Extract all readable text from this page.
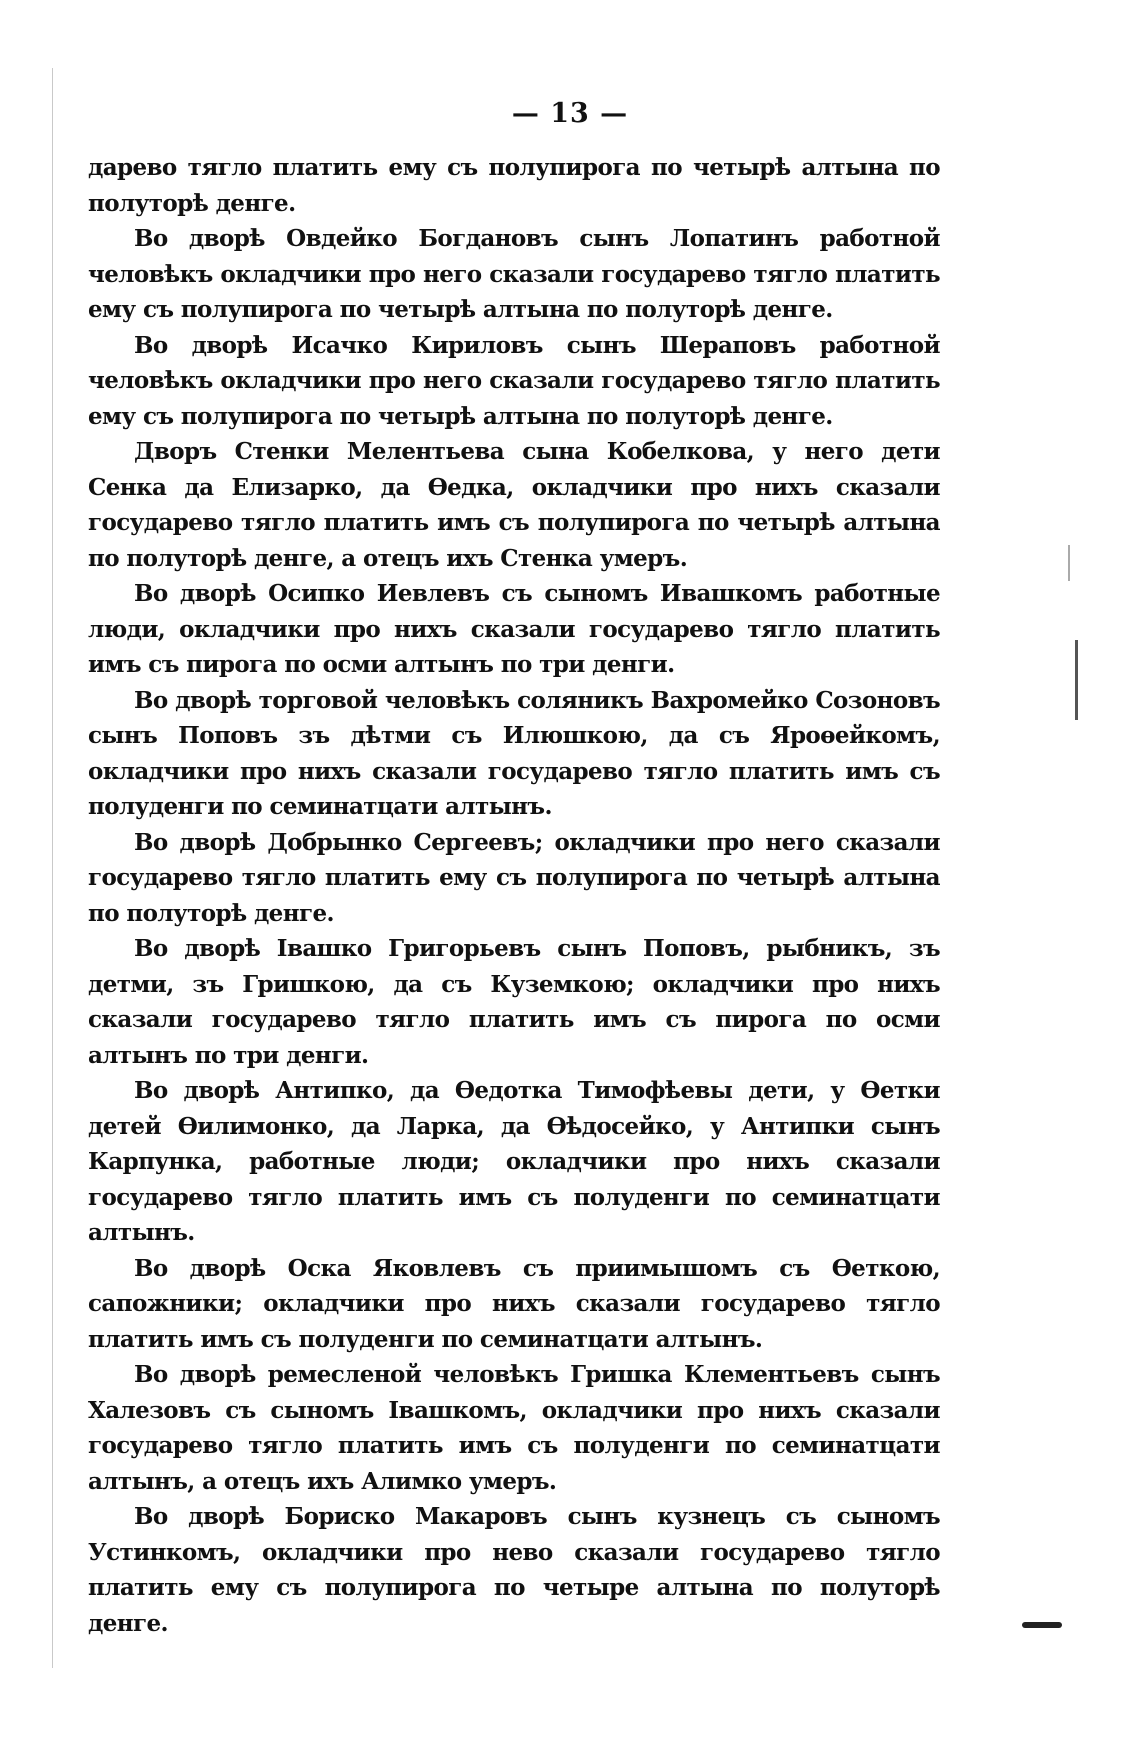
— 13 —

дарево тягло платить ему съ полупирога по четырѣ алтына по полуторѣ денге.

Во дворѣ Овдейко Богдановъ сынъ Лопатинъ работной человѣкъ окладчики про него сказали государево тягло платить ему съ полупирога по четырѣ алтына по полуторѣ денге.

Во дворѣ Исачко Кириловъ сынъ Шераповъ работной человѣкъ окладчики про него сказали государево тягло платить ему съ полупирога по четырѣ алтына по полуторѣ денге.

Дворъ Стенки Мелентьева сына Кобелкова, у него дети Сенка да Елизарко, да Өедка, окладчики про нихъ сказали государево тягло платить имъ съ полупирога по четырѣ алтына по полуторѣ денге, а отецъ ихъ Стенка умеръ.

Во дворѣ Осипко Иевлевъ съ сыномъ Ивашкомъ работные люди, окладчики про нихъ сказали государево тягло платить имъ съ пирога по осми алтынъ по три денги.

Во дворѣ торговой человѣкъ соляникъ Вахромейко Созоновъ сынъ Поповъ зъ дѣтми съ Илюшкою, да съ Яроөейкомъ, окладчики про нихъ сказали государево тягло платить имъ съ полуденги по семинатцати алтынъ.

Во дворѣ Добрынко Сергеевъ; окладчики про него сказали государево тягло платить ему съ полупирога по четырѣ алтына по полуторѣ денге.

Во дворѣ Івашко Григорьевъ сынъ Поповъ, рыбникъ, зъ детми, зъ Гришкою, да съ Куземкою; окладчики про нихъ сказали государево тягло платить имъ съ пирога по осми алтынъ по три денги.

Во дворѣ Антипко, да Өедотка Тимофѣевы дети, у Өетки детей Өилимонко, да Ларка, да Өѣдосейко, у Антипки сынъ Карпунка, работные люди; окладчики про нихъ сказали государево тягло платить имъ съ полуденги по семинатцати алтынъ.

Во дворѣ Оска Яковлевъ съ приимышомъ съ Өеткою, сапожники; окладчики про нихъ сказали государево тягло платить имъ съ полуденги по семинатцати алтынъ.

Во дворѣ ремесленой человѣкъ Гришка Клементьевъ сынъ Халезовъ съ сыномъ Івашкомъ, окладчики про нихъ сказали государево тягло платить имъ съ полуденги по семинатцати алтынъ, а отецъ ихъ Алимко умеръ.

Во дворѣ Бориско Макаровъ сынъ кузнецъ съ сыномъ Устинкомъ, окладчики про нево сказали государево тягло платить ему съ полупирога по четыре алтына по полуторѣ денге.
